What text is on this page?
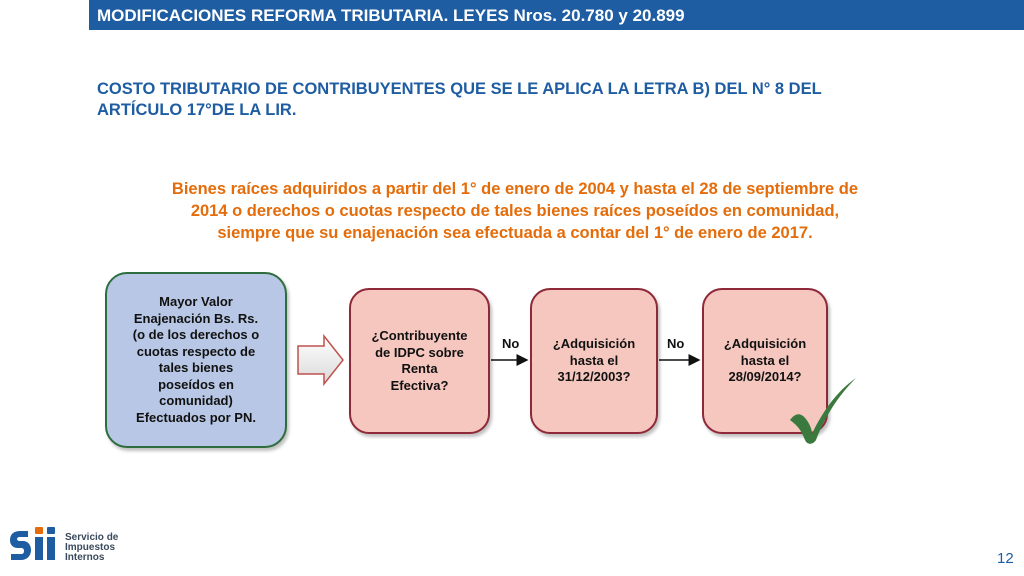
MODIFICACIONES REFORMA TRIBUTARIA. LEYES Nros. 20.780 y 20.899
COSTO TRIBUTARIO DE CONTRIBUYENTES QUE SE LE APLICA LA LETRA B) DEL N° 8 DEL
ARTÍCULO 17°DE LA LIR.
Bienes raíces adquiridos a partir del 1° de enero de 2004 y hasta el 28 de septiembre de
2014 o derechos o cuotas respecto de tales bienes raíces poseídos en comunidad,
siempre que su enajenación sea efectuada a contar del 1° de enero de 2017.
Mayor Valor
Enajenación Bs. Rs.
(o de los derechos o
cuotas respecto de
tales bienes
poseídos en
comunidad)
Efectuados por PN.
¿Contribuyente
de IDPC sobre
Renta
Efectiva?
¿Adquisición
hasta el
31/12/2003?
¿Adquisición
hasta el
28/09/2014?
No	No
Servicio de
Impuestos
Internos	12
